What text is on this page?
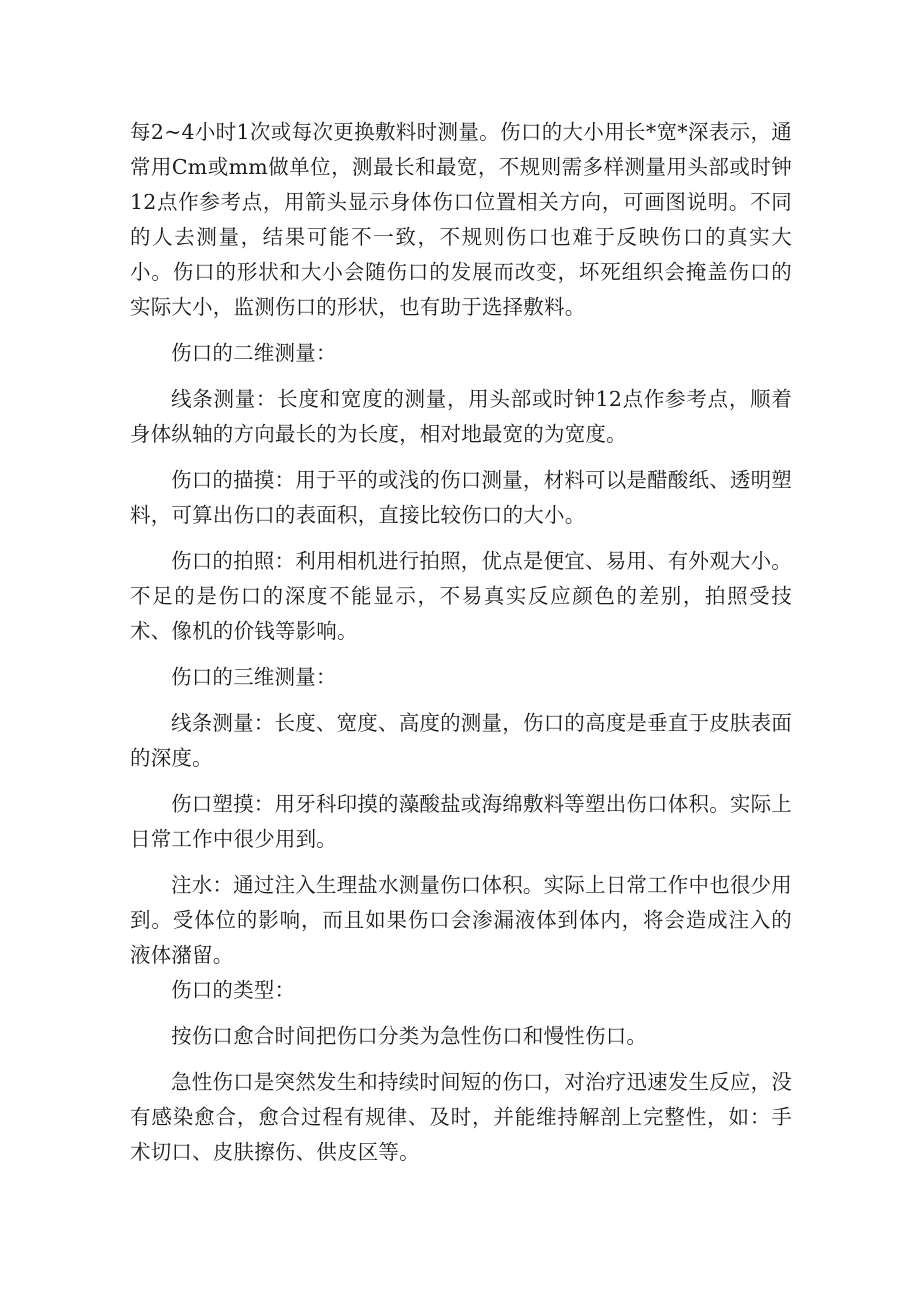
每2~4小时1次或每次更换敷料时测量。伤口的大小用长*宽*深表示，通常用Cm或mm做单位，测最长和最宽，不规则需多样测量用头部或时钟12点作参考点，用箭头显示身体伤口位置相关方向，可画图说明。不同的人去测量，结果可能不一致，不规则伤口也难于反映伤口的真实大小。伤口的形状和大小会随伤口的发展而改变，坏死组织会掩盖伤口的实际大小，监测伤口的形状，也有助于选择敷料。

伤口的二维测量：

线条测量：长度和宽度的测量，用头部或时钟12点作参考点，顺着身体纵轴的方向最长的为长度，相对地最宽的为宽度。

伤口的描摸：用于平的或浅的伤口测量，材料可以是醋酸纸、透明塑料，可算出伤口的表面积，直接比较伤口的大小。

伤口的拍照：利用相机进行拍照，优点是便宜、易用、有外观大小。不足的是伤口的深度不能显示，不易真实反应颜色的差别，拍照受技术、像机的价钱等影响。

伤口的三维测量：

线条测量：长度、宽度、高度的测量，伤口的高度是垂直于皮肤表面的深度。

伤口塑摸：用牙科印摸的藻酸盐或海绵敷料等塑出伤口体积。实际上日常工作中很少用到。

注水：通过注入生理盐水测量伤口体积。实际上日常工作中也很少用到。受体位的影响，而且如果伤口会渗漏液体到体内，将会造成注入的液体潴留。

伤口的类型：

按伤口愈合时间把伤口分类为急性伤口和慢性伤口。

急性伤口是突然发生和持续时间短的伤口，对治疗迅速发生反应，没有感染愈合，愈合过程有规律、及时，并能维持解剖上完整性，如：手术切口、皮肤擦伤、供皮区等。
